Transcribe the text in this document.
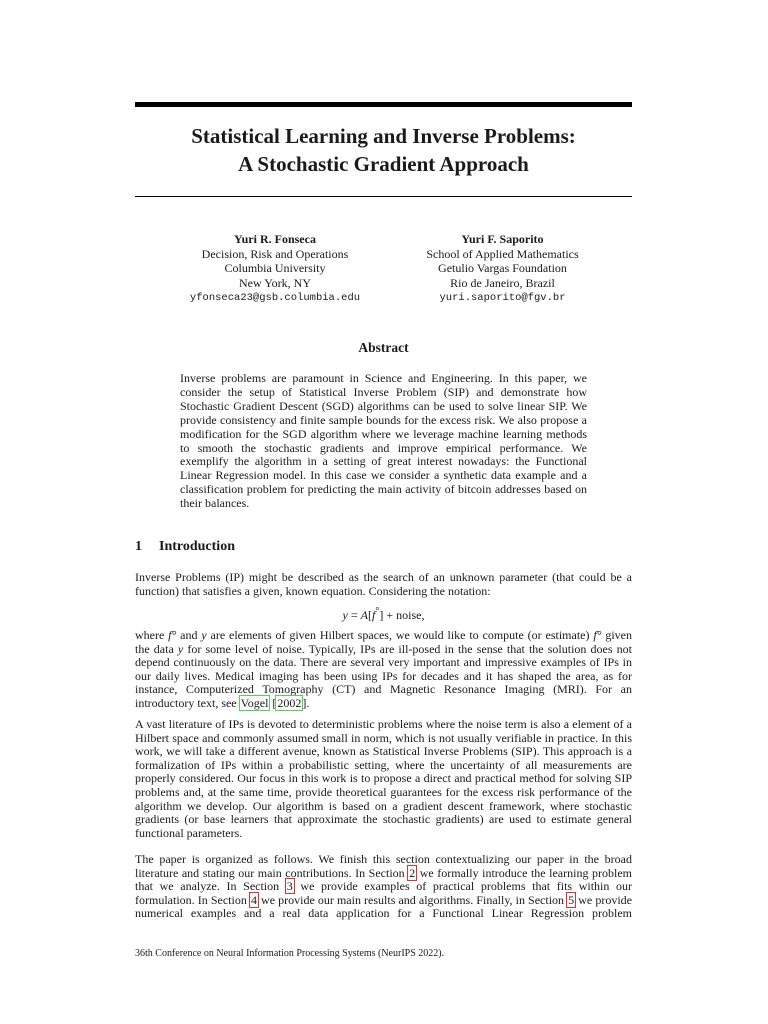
Statistical Learning and Inverse Problems:
A Stochastic Gradient Approach
Yuri R. Fonseca
Decision, Risk and Operations
Columbia University
New York, NY
yfonseca23@gsb.columbia.edu
Yuri F. Saporito
School of Applied Mathematics
Getulio Vargas Foundation
Rio de Janeiro, Brazil
yuri.saporito@fgv.br
Abstract

Inverse problems are paramount in Science and Engineering. In this paper, we consider the setup of Statistical Inverse Problem (SIP) and demonstrate how Stochastic Gradient Descent (SGD) algorithms can be used to solve linear SIP. We provide consistency and finite sample bounds for the excess risk. We also propose a modification for the SGD algorithm where we leverage machine learning methods to smooth the stochastic gradients and improve empirical performance. We exemplify the algorithm in a setting of great interest nowadays: the Functional Linear Regression model. In this case we consider a synthetic data example and a classification problem for predicting the main activity of bitcoin addresses based on their balances.

1 Introduction

Inverse Problems (IP) might be described as the search of an unknown parameter (that could be a function) that satisfies a given, known equation. Considering the notation:

y = A[f°] + noise,

where f° and y are elements of given Hilbert spaces, we would like to compute (or estimate) f° given the data y for some level of noise. Typically, IPs are ill-posed in the sense that the solution does not depend continuously on the data. There are several very important and impressive examples of IPs in our daily lives. Medical imaging has been using IPs for decades and it has shaped the area, as for instance, Computerized Tomography (CT) and Magnetic Resonance Imaging (MRI). For an introductory text, see Vogel [2002].

A vast literature of IPs is devoted to deterministic problems where the noise term is also a element of a Hilbert space and commonly assumed small in norm, which is not usually verifiable in practice. In this work, we will take a different avenue, known as Statistical Inverse Problems (SIP). This approach is a formalization of IPs within a probabilistic setting, where the uncertainty of all measurements are properly considered. Our focus in this work is to propose a direct and practical method for solving SIP problems and, at the same time, provide theoretical guarantees for the excess risk performance of the algorithm we develop. Our algorithm is based on a gradient descent framework, where stochastic gradients (or base learners that approximate the stochastic gradients) are used to estimate general functional parameters.

The paper is organized as follows. We finish this section contextualizing our paper in the broad literature and stating our main contributions. In Section 2 we formally introduce the learning problem that we analyze. In Section 3 we provide examples of practical problems that fits within our formulation. In Section 4 we provide our main results and algorithms. Finally, in Section 5 we provide numerical examples and a real data application for a Functional Linear Regression problem

36th Conference on Neural Information Processing Systems (NeurIPS 2022).
